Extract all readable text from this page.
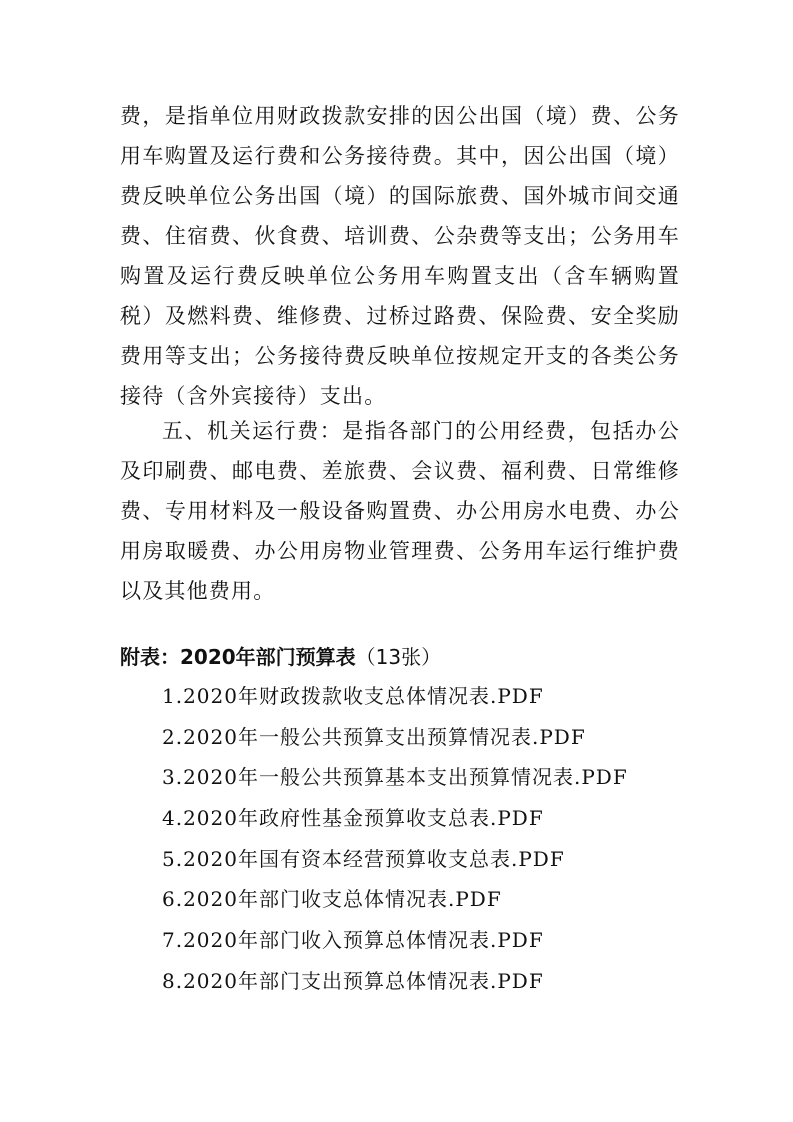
费，是指单位用财政拨款安排的因公出国（境）费、公务用车购置及运行费和公务接待费。其中，因公出国（境）费反映单位公务出国（境）的国际旅费、国外城市间交通费、住宿费、伙食费、培训费、公杂费等支出；公务用车购置及运行费反映单位公务用车购置支出（含车辆购置税）及燃料费、维修费、过桥过路费、保险费、安全奖励费用等支出；公务接待费反映单位按规定开支的各类公务接待（含外宾接待）支出。

五、机关运行费：是指各部门的公用经费，包括办公及印刷费、邮电费、差旅费、会议费、福利费、日常维修费、专用材料及一般设备购置费、办公用房水电费、办公用房取暖费、办公用房物业管理费、公务用车运行维护费以及其他费用。

附表：2020年部门预算表（13张）
1.2020年财政拨款收支总体情况表.PDF
2.2020年一般公共预算支出预算情况表.PDF
3.2020年一般公共预算基本支出预算情况表.PDF
4.2020年政府性基金预算收支总表.PDF
5.2020年国有资本经营预算收支总表.PDF
6.2020年部门收支总体情况表.PDF
7.2020年部门收入预算总体情况表.PDF
8.2020年部门支出预算总体情况表.PDF
